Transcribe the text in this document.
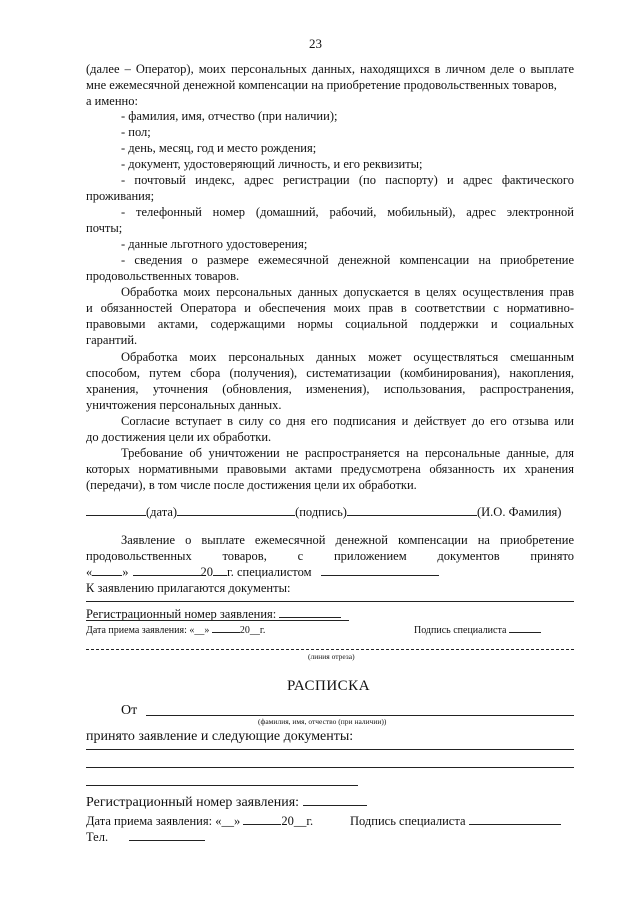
23
(далее – Оператор), моих персональных данных, находящихся в личном деле о выплате
мне ежемесячной денежной компенсации на приобретение продовольственных товаров,
а именно:
- фамилия, имя, отчество (при наличии);
- пол;
- день, месяц, год и место рождения;
- документ, удостоверяющий личность, и его реквизиты;
- почтовый индекс, адрес регистрации (по паспорту) и адрес фактического
проживания;
- телефонный номер (домашний, рабочий, мобильный), адрес электронной
почты;
- данные льготного удостоверения;
- сведения о размере ежемесячной денежной компенсации на приобретение
продовольственных товаров.
Обработка моих персональных данных допускается в целях осуществления прав
и обязанностей Оператора и обеспечения моих прав в соответствии с нормативно-
правовыми актами, содержащими нормы социальной поддержки и социальных
гарантий.
Обработка моих персональных данных может осуществляться смешанным
способом, путем сбора (получения), систематизации (комбинирования), накопления,
хранения, уточнения (обновления, изменения), использования, распространения,
уничтожения персональных данных.
Согласие вступает в силу со дня его подписания и действует до его отзыва или
до достижения цели их обработки.
Требование об уничтожении не распространяется на персональные данные, для
которых нормативными правовыми актами предусмотрена обязанность их хранения
(передачи), в том числе после достижения цели их обработки.
(дата)	(подпись)	(И.О. Фамилия)
Заявление о выплате ежемесячной денежной компенсации на приобретение
продовольственных товаров, с приложением документов принято
« »	20 г. специалистом
К заявлению прилагаются документы:
Регистрационный номер заявления:
Дата приема заявления: «__»	20__г.	Подпись специалиста
(линия отреза)
РАСПИСКА
От
(фамилия, имя, отчество (при наличии))
принято заявление и следующие документы:
Регистрационный номер заявления:
Дата приема заявления: «__»	20__г.	Подпись специалиста
Тел.
